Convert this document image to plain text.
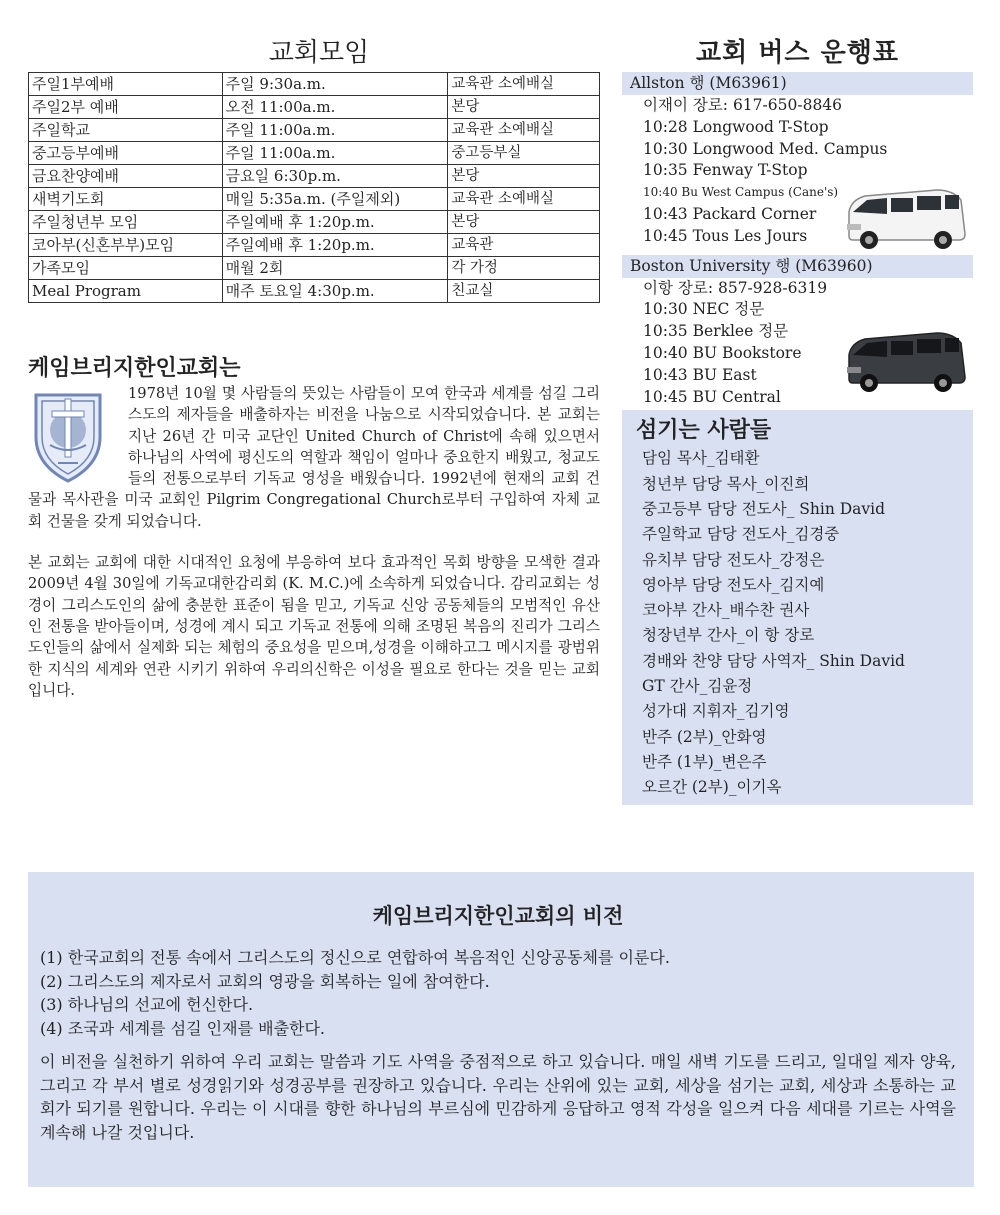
교회모임
주일1부예배	주일 9:30a.m.	교육관 소예배실
주일2부 예배	오전 11:00a.m.	본당
주일학교	주일 11:00a.m.	교육관 소예배실
중고등부예배	주일 11:00a.m.	중고등부실
금요찬양예배	금요일 6:30p.m.	본당
새벽기도회	매일 5:35a.m. (주일제외)	교육관 소예배실
주일청년부 모임	주일예배 후 1:20p.m.	본당
코아부(신혼부부)모임	주일예배 후 1:20p.m.	교육관
가족모임	매월 2회	각 가정
Meal Program	매주 토요일 4:30p.m.	친교실
케임브리지한인교회는

1978년 10월 몇 사람들의 뜻있는 사람들이 모여 한국과 세계를 섬길 그리스도의 제자들을 배출하자는 비전을 나눔으로 시작되었습니다. 본 교회는 지난 26년 간 미국 교단인 United Church of Christ에 속해 있으면서 하나님의 사역에 평신도의 역할과 책임이 얼마나 중요한지 배웠고, 청교도들의 전통으로부터 기독교 영성을 배웠습니다. 1992년에 현재의 교회 건물과 목사관을 미국 교회인 Pilgrim Congregational Church로부터 구입하여 자체 교회 건물을 갖게 되었습니다.

본 교회는 교회에 대한 시대적인 요청에 부응하여 보다 효과적인 목회 방향을 모색한 결과 2009년 4월 30일에 기독교대한감리회 (K. M.C.)에 소속하게 되었습니다. 감리교회는 성경이 그리스도인의 삶에 충분한 표준이 됨을 믿고, 기독교 신앙 공동체들의 모범적인 유산인 전통을 받아들이며, 성경에 계시 되고 기독교 전통에 의해 조명된 복음의 진리가 그리스도인들의 삶에서 실제화 되는 체험의 중요성을 믿으며,성경을 이해하고그 메시지를 광범위한 지식의 세계와 연관 시키기 위하여 우리의신학은 이성을 필요로 한다는 것을 믿는 교회입니다.

교회 버스 운행표
Allston 행 (M63961)
이재이 장로: 617-650-8846
10:28 Longwood T-Stop
10:30 Longwood Med. Campus
10:35 Fenway T-Stop
10:40 Bu West Campus (Cane's)
10:43 Packard Corner
10:45 Tous Les Jours
Boston University 행 (M63960)
이항 장로: 857-928-6319
10:30 NEC 정문
10:35 Berklee 정문
10:40 BU Bookstore
10:43 BU East
10:45 BU Central
섬기는 사람들
담임 목사_김태환
청년부 담당 목사_이진희
중고등부 담당 전도사_ Shin David
주일학교 담당 전도사_김경중
유치부 담당 전도사_강정은
영아부 담당 전도사_김지예
코아부 간사_배수찬 권사
청장년부 간사_이 항 장로
경배와 찬양 담당 사역자_ Shin David
GT 간사_김윤정
성가대 지휘자_김기영
반주 (2부)_안화영
반주 (1부)_변은주
오르간 (2부)_이기옥
케임브리지한인교회의 비전
(1) 한국교회의 전통 속에서 그리스도의 정신으로 연합하여 복음적인 신앙공동체를 이룬다.
(2) 그리스도의 제자로서 교회의 영광을 회복하는 일에 참여한다.
(3) 하나님의 선교에 헌신한다.
(4) 조국과 세계를 섬길 인재를 배출한다.

이 비전을 실천하기 위하여 우리 교회는 말씀과 기도 사역을 중점적으로 하고 있습니다. 매일 새벽 기도를 드리고, 일대일 제자 양육, 그리고 각 부서 별로 성경읽기와 성경공부를 권장하고 있습니다. 우리는 산위에 있는 교회, 세상을 섬기는 교회, 세상과 소통하는 교회가 되기를 원합니다. 우리는 이 시대를 향한 하나님의 부르심에 민감하게 응답하고 영적 각성을 일으켜 다음 세대를 기르는 사역을 계속해 나갈 것입니다.
